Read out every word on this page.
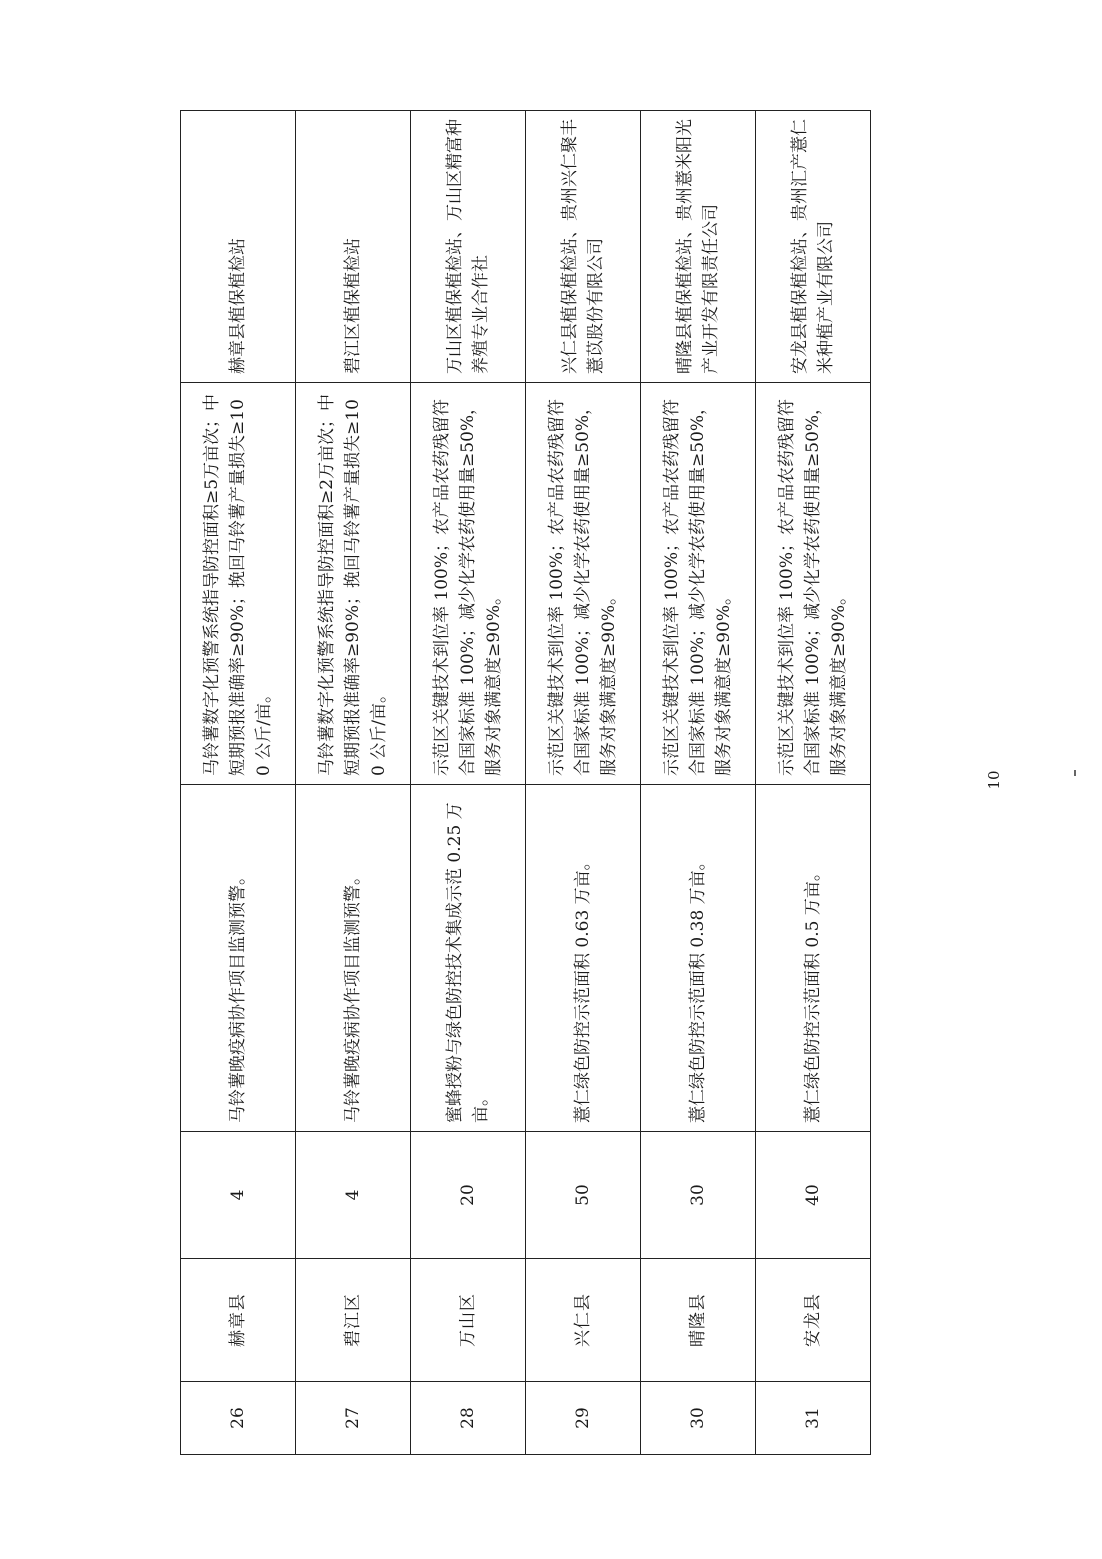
26	赫章县	4	马铃薯晚疫病协作项目监测预警。	马铃薯数字化预警系统指导防控面积≥5万亩次；中短期预报准确率≥90%；挽回马铃薯产量损失≥100 公斤/亩。	赫章县植保植检站
27	碧江区	4	马铃薯晚疫病协作项目监测预警。	马铃薯数字化预警系统指导防控面积≥2万亩次；中短期预报准确率≥90%；挽回马铃薯产量损失≥100 公斤/亩。	碧江区植保植检站
28	万山区	20	蜜蜂授粉与绿色防控技术集成示范 0.25 万亩。	示范区关键技术到位率 100%；农产品农药残留符合国家标准 100%；减少化学农药使用量≥50%，服务对象满意度≥90%。	万山区植保植检站、万山区精富种养殖专业合作社
29	兴仁县	50	薏仁绿色防控示范面积 0.63 万亩。	示范区关键技术到位率 100%；农产品农药残留符合国家标准 100%；减少化学农药使用量≥50%，服务对象满意度≥90%。	兴仁县植保植检站、贵州兴仁聚丰薏苡股份有限公司
30	晴隆县	30	薏仁绿色防控示范面积 0.38 万亩。	示范区关键技术到位率 100%；农产品农药残留符合国家标准 100%；减少化学农药使用量≥50%，服务对象满意度≥90%。	晴隆县植保植检站、贵州薏米阳光产业开发有限责任公司
31	安龙县	40	薏仁绿色防控示范面积 0.5 万亩。	示范区关键技术到位率 100%；农产品农药残留符合国家标准 100%；减少化学农药使用量≥50%，服务对象满意度≥90%。	安龙县植保植检站、贵州汇产薏仁米种植产业有限公司
10
